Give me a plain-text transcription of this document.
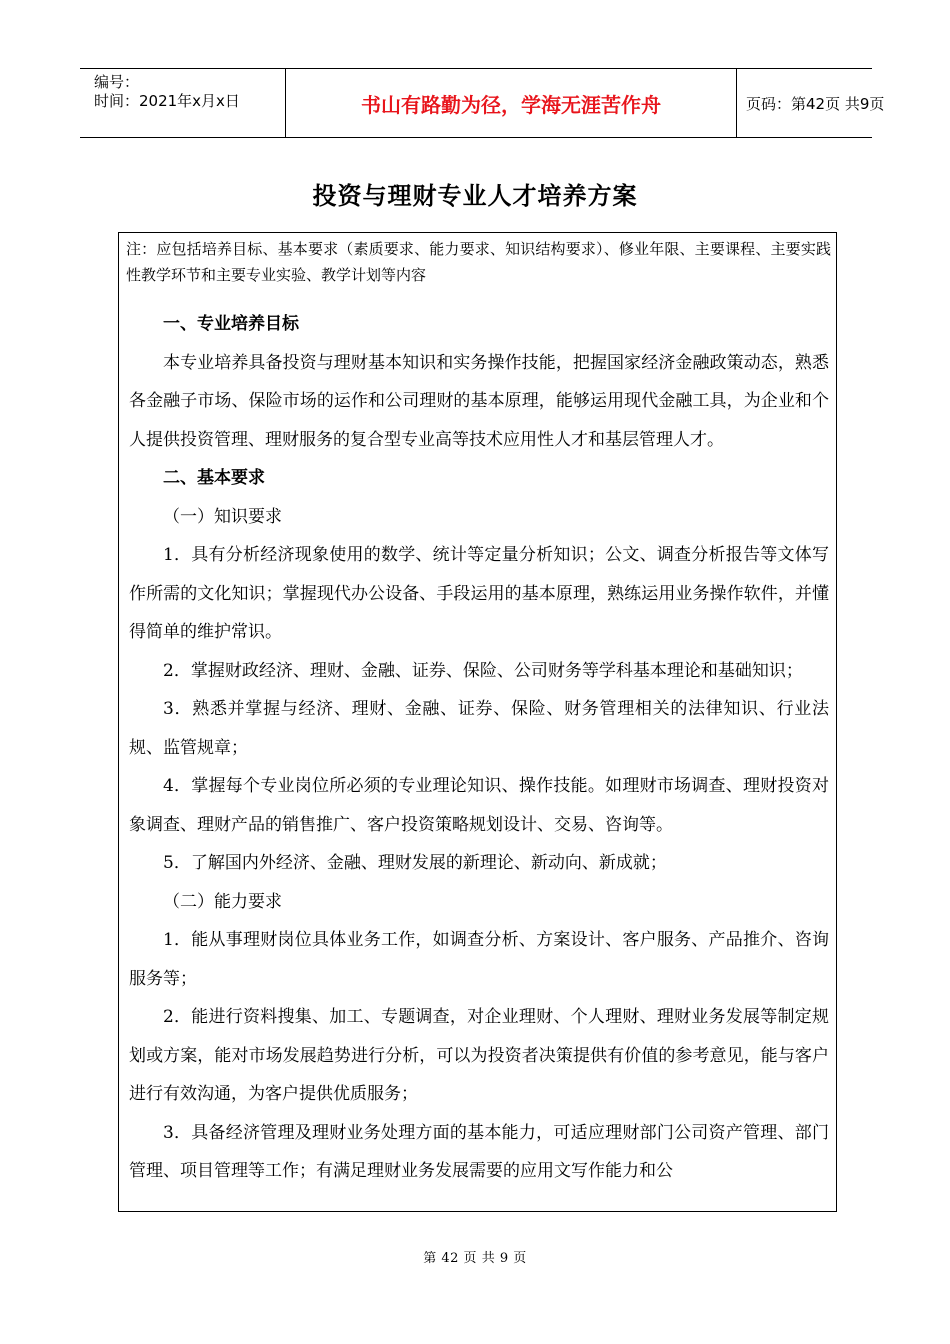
编号：
时间：2021年x月x日	书山有路勤为径，学海无涯苦作舟	页码：第42页 共9页
投资与理财专业人才培养方案
注：应包括培养目标、基本要求（素质要求、能力要求、知识结构要求）、修业年限、主要课程、主要实践性教学环节和主要专业实验、教学计划等内容

一、专业培养目标

本专业培养具备投资与理财基本知识和实务操作技能，把握国家经济金融政策动态，熟悉各金融子市场、保险市场的运作和公司理财的基本原理，能够运用现代金融工具，为企业和个人提供投资管理、理财服务的复合型专业高等技术应用性人才和基层管理人才。

二、基本要求

（一）知识要求

1．具有分析经济现象使用的数学、统计等定量分析知识；公文、调查分析报告等文体写作所需的文化知识；掌握现代办公设备、手段运用的基本原理，熟练运用业务操作软件，并懂得简单的维护常识。

2．掌握财政经济、理财、金融、证券、保险、公司财务等学科基本理论和基础知识；

3．熟悉并掌握与经济、理财、金融、证券、保险、财务管理相关的法律知识、行业法规、监管规章；

4．掌握每个专业岗位所必须的专业理论知识、操作技能。如理财市场调查、理财投资对象调查、理财产品的销售推广、客户投资策略规划设计、交易、咨询等。

5．了解国内外经济、金融、理财发展的新理论、新动向、新成就；

（二）能力要求

1．能从事理财岗位具体业务工作，如调查分析、方案设计、客户服务、产品推介、咨询服务等；

2．能进行资料搜集、加工、专题调查，对企业理财、个人理财、理财业务发展等制定规划或方案，能对市场发展趋势进行分析，可以为投资者决策提供有价值的参考意见，能与客户进行有效沟通，为客户提供优质服务；

3．具备经济管理及理财业务处理方面的基本能力，可适应理财部门公司资产管理、部门管理、项目管理等工作；有满足理财业务发展需要的应用文写作能力和公

第 42 页 共 9 页
